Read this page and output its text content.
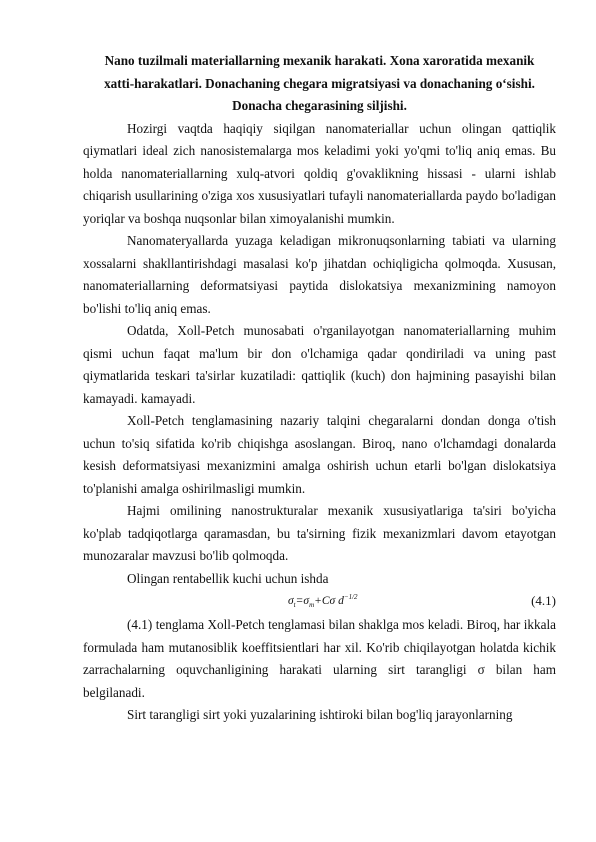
Nano tuzilmali materiallarning mexanik harakati. Xona xaroratida mexanik
xatti-harakatlari. Donachaning chegara migratsiyasi va donachaning o‘sishi.
Donacha chegarasining siljishi.

Hozirgi vaqtda haqiqiy siqilgan nanomateriallar uchun olingan qattiqlik qiymatlari ideal zich nanosistemalarga mos keladimi yoki yo'qmi to'liq aniq emas. Bu holda nanomateriallarning xulq-atvori qoldiq g'ovaklikning hissasi - ularni ishlab chiqarish usullarining o'ziga xos xususiyatlari tufayli nanomateriallarda paydo bo'ladigan yoriqlar va boshqa nuqsonlar bilan ximoyalanishi mumkin.

Nanomateryallarda yuzaga keladigan mikronuqsonlarning tabiati va ularning xossalarni shakllantirishdagi masalasi ko'p jihatdan ochiqligicha qolmoqda. Xususan, nanomateriallarning deformatsiyasi paytida dislokatsiya mexanizmining namoyon bo'lishi to'liq aniq emas.

Odatda, Xoll-Petch munosabati o'rganilayotgan nanomateriallarning muhim qismi uchun faqat ma'lum bir don o'lchamiga qadar qondiriladi va uning past qiymatlarida teskari ta'sirlar kuzatiladi: qattiqlik (kuch) don hajmining pasayishi bilan kamayadi. kamayadi.

Xoll-Petch tenglamasining nazariy talqini chegaralarni dondan donga o'tish uchun to'siq sifatida ko'rib chiqishga asoslangan. Biroq, nano o'lchamdagi donalarda kesish deformatsiyasi mexanizmini amalga oshirish uchun etarli bo'lgan dislokatsiya to'planishi amalga oshirilmasligi mumkin.

Hajmi omilining nanostrukturalar mexanik xususiyatlariga ta'siri bo'yicha ko'plab tadqiqotlarga qaramasdan, bu ta'sirning fizik mexanizmlari davom etayotgan munozaralar mavzusi bo'lib qolmoqda.

Olingan rentabellik kuchi uchun ishda

$\sigma_t=\sigma_m+C\sigma$ $d^{-1/2}$	(4.1)

(4.1) tenglama Xoll-Petch tenglamasi bilan shaklga mos keladi. Biroq, har ikkala formulada ham mutanosiblik koeffitsientlari har xil. Ko'rib chiqilayotgan holatda kichik zarrachalarning oquvchanligining harakati ularning sirt tarangligi σ bilan ham belgilanadi.

Sirt tarangligi sirt yoki yuzalarining ishtiroki bilan bog'liq jarayonlarning
